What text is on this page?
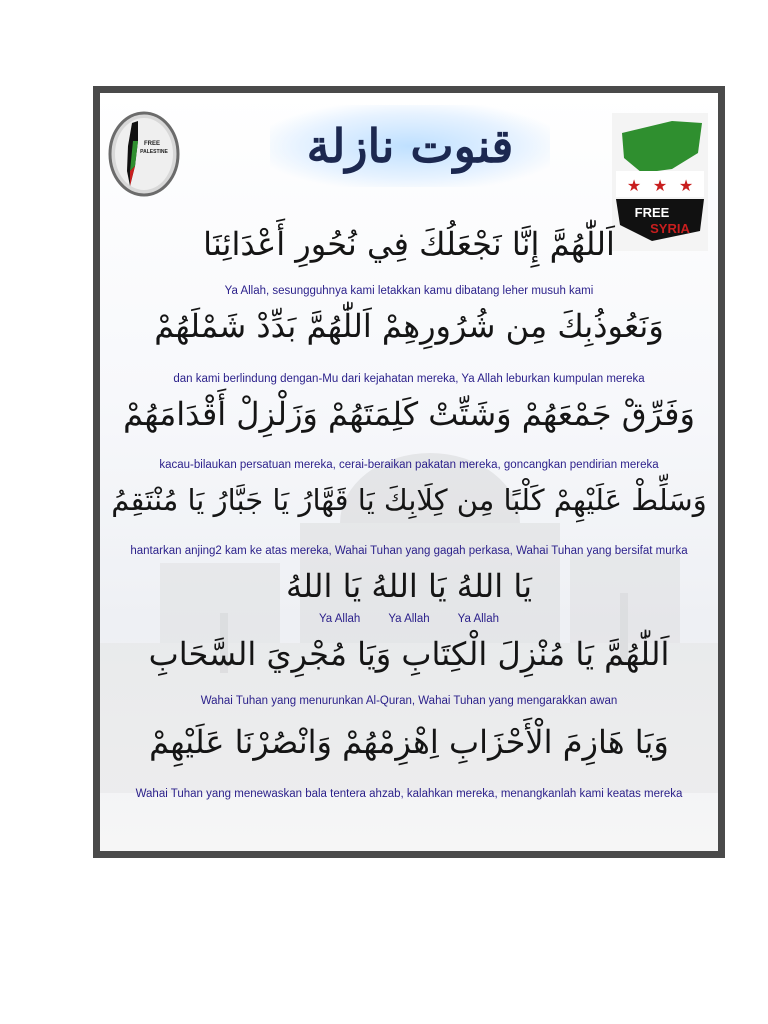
FREE
PALESTINE	قنوت نازلة
★ ★ ★
FREE
SYRIA
اَللّٰهُمَّ إِنَّا نَجْعَلُكَ فِي نُحُورِ أَعْدَائِنَا
Ya Allah, sesungguhnya kami letakkan kamu dibatang leher musuh kami
وَنَعُوذُبِكَ مِن شُرُورِهِمْ اَللّٰهُمَّ بَدِّدْ شَمْلَهُمْ
dan kami berlindung dengan-Mu dari kejahatan mereka, Ya Allah leburkan kumpulan mereka
وَفَرِّقْ جَمْعَهُمْ وَشَتِّتْ كَلِمَتَهُمْ وَزَلْزِلْ أَقْدَامَهُمْ
kacau-bilaukan persatuan mereka, cerai-beraikan pakatan mereka, goncangkan pendirian mereka
وَسَلِّطْ عَلَيْهِمْ كَلْبًا مِن كِلَابِكَ يَا قَهَّارُ يَا جَبَّارُ يَا مُنْتَقِمُ
hantarkan anjing2 kam ke atas mereka, Wahai Tuhan yang gagah perkasa, Wahai Tuhan yang bersifat murka
يَا اللهُ يَا اللهُ يَا اللهُ
Ya Allah Ya Allah Ya Allah
اَللّٰهُمَّ يَا مُنْزِلَ الْكِتَابِ وَيَا مُجْرِيَ السَّحَابِ
Wahai Tuhan yang menurunkan Al-Quran, Wahai Tuhan yang mengarakkan awan
وَيَا هَازِمَ الْأَحْزَابِ اِهْزِمْهُمْ وَانْصُرْنَا عَلَيْهِمْ
Wahai Tuhan yang menewaskan bala tentera ahzab, kalahkan mereka, menangkanlah kami keatas mereka
